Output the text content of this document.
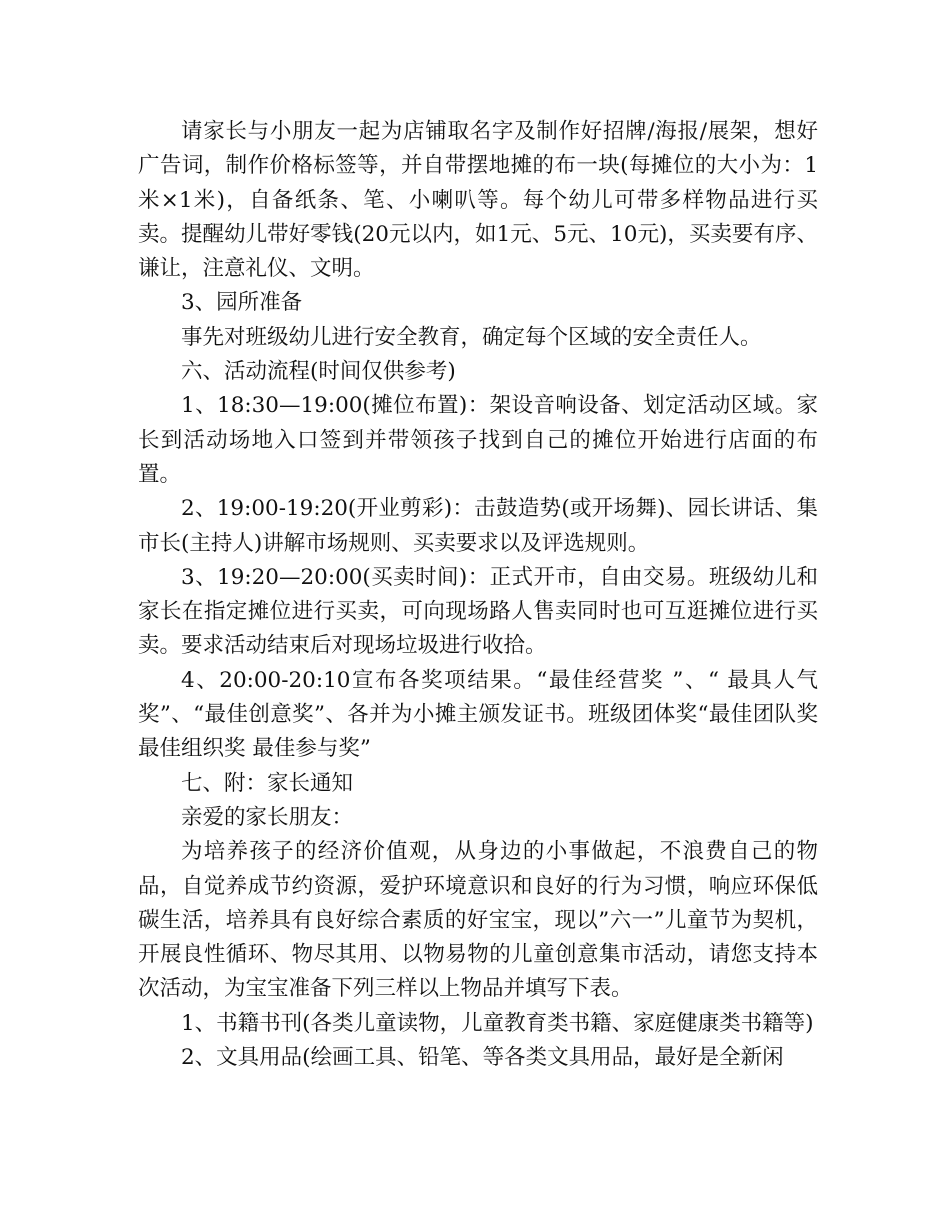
请家长与小朋友一起为店铺取名字及制作好招牌/海报/展架，想好广告词，制作价格标签等，并自带摆地摊的布一块(每摊位的大小为：1米×1米)，自备纸条、笔、小喇叭等。每个幼儿可带多样物品进行买卖。提醒幼儿带好零钱(20元以内，如1元、5元、10元)，买卖要有序、谦让，注意礼仪、文明。

3、园所准备

事先对班级幼儿进行安全教育，确定每个区域的安全责任人。

六、活动流程(时间仅供参考)

1、18:30—19:00(摊位布置)：架设音响设备、划定活动区域。家长到活动场地入口签到并带领孩子找到自己的摊位开始进行店面的布置。

2、19:00-19:20(开业剪彩)：击鼓造势(或开场舞)、园长讲话、集市长(主持人)讲解市场规则、买卖要求以及评选规则。

3、19:20—20:00(买卖时间)：正式开市，自由交易。班级幼儿和家长在指定摊位进行买卖，可向现场路人售卖同时也可互逛摊位进行买卖。要求活动结束后对现场垃圾进行收拾。

4、20:00-20:10宣布各奖项结果。“最佳经营奖 ”、“ 最具人气奖”、“最佳创意奖”、各并为小摊主颁发证书。班级团体奖“最佳团队奖 最佳组织奖 最佳参与奖”

七、附：家长通知

亲爱的家长朋友：

为培养孩子的经济价值观，从身边的小事做起，不浪费自己的物品，自觉养成节约资源，爱护环境意识和良好的行为习惯，响应环保低碳生活，培养具有良好综合素质的好宝宝，现以”六一”儿童节为契机，开展良性循环、物尽其用、以物易物的儿童创意集市活动，请您支持本次活动，为宝宝准备下列三样以上物品并填写下表。

1、书籍书刊(各类儿童读物，儿童教育类书籍、家庭健康类书籍等)

2、文具用品(绘画工具、铅笔、等各类文具用品，最好是全新闲
